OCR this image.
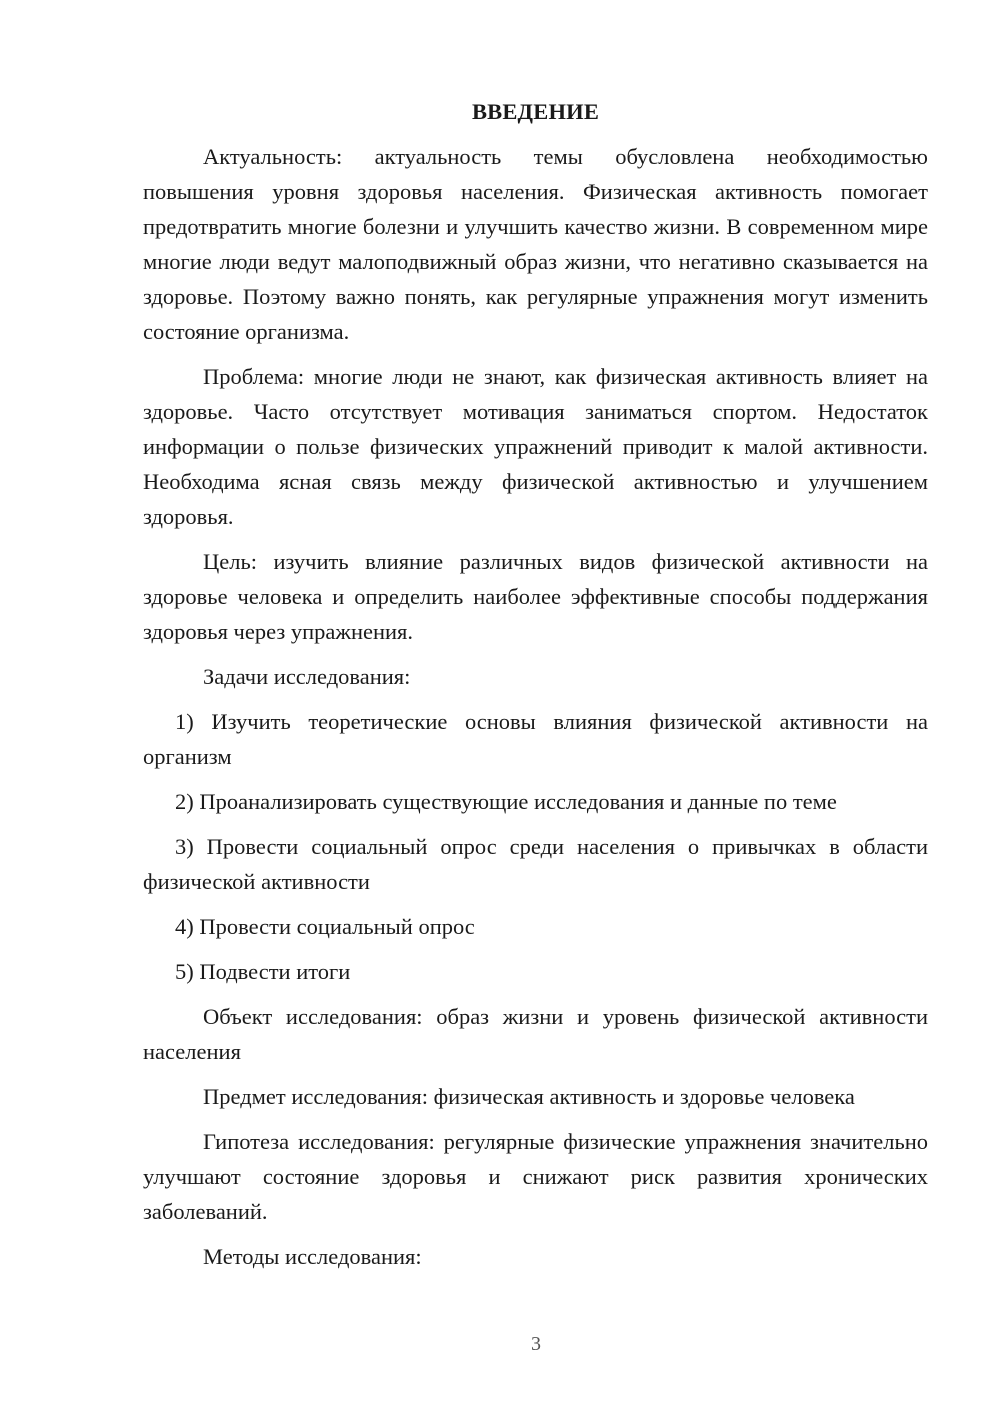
ВВЕДЕНИЕ

Актуальность: актуальность темы обусловлена необходимостью повышения уровня здоровья населения. Физическая активность помогает предотвратить многие болезни и улучшить качество жизни. В современном мире многие люди ведут малоподвижный образ жизни, что негативно сказывается на здоровье. Поэтому важно понять, как регулярные упражнения могут изменить состояние организма.

Проблема: многие люди не знают, как физическая активность влияет на здоровье. Часто отсутствует мотивация заниматься спортом. Недостаток информации о пользе физических упражнений приводит к малой активности. Необходима ясная связь между физической активностью и улучшением здоровья.

Цель: изучить влияние различных видов физической активности на здоровье человека и определить наиболее эффективные способы поддержания здоровья через упражнения.

Задачи исследования:

1) Изучить теоретические основы влияния физической активности на организм

2) Проанализировать существующие исследования и данные по теме

3) Провести социальный опрос среди населения о привычках в области физической активности

4) Провести социальный опрос

5) Подвести итоги

Объект исследования: образ жизни и уровень физической активности населения

Предмет исследования: физическая активность и здоровье человека

Гипотеза исследования: регулярные физические упражнения значительно улучшают состояние здоровья и снижают риск развития хронических заболеваний.

Методы исследования:

3
